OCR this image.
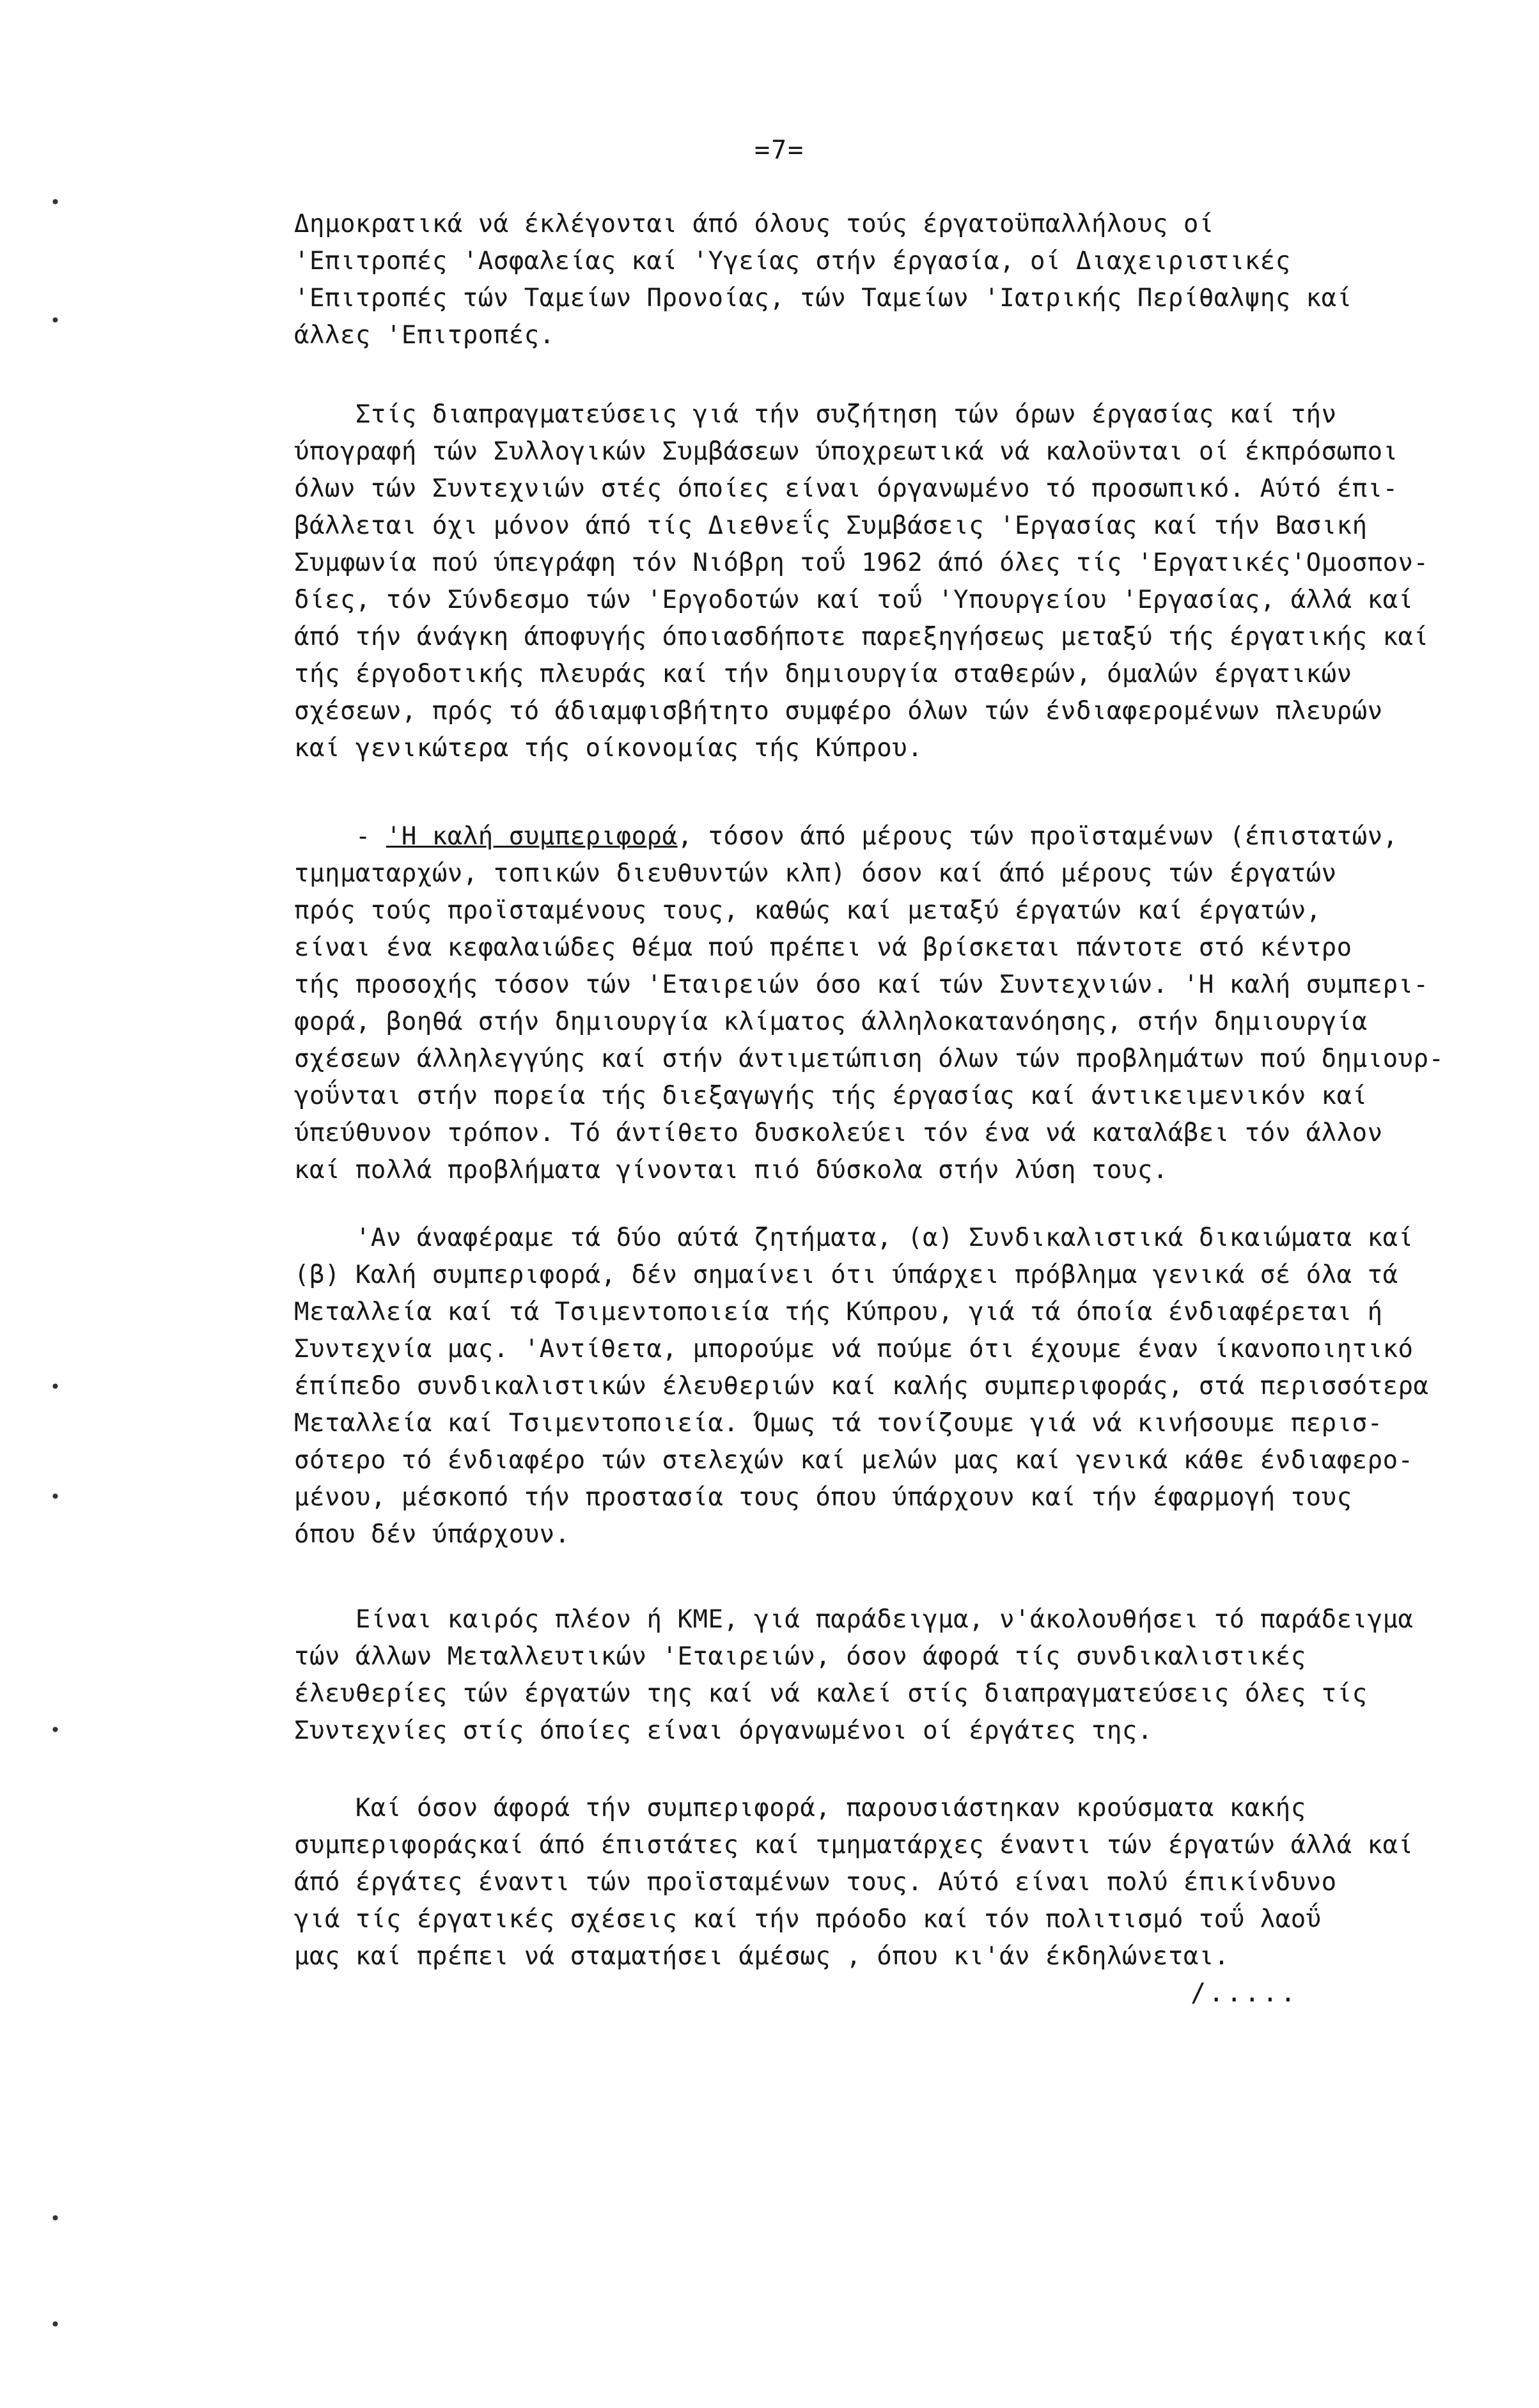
=7=
Δημοκρατικά νά έκλέγονται άπό όλους τούς έργατοϋπαλλήλους οί
'Επιτροπές 'Ασφαλείας καί 'Υγείας στήν έργασία, οί Διαχειριστικές
'Επιτροπές τών Ταμείων Προνοίας, τών Ταμείων 'Ιατρικής Περίθαλψης καί
άλλες 'Επιτροπές.
Στίς διαπραγματεύσεις γιά τήν συζήτηση τών όρων έργασίας καί τήν
ύπογραφή τών Συλλογικών Συμβάσεων ύποχρεωτικά νά καλοϋνται οί έκπρόσωποι
όλων τών Συντεχνιών στές όποίες είναι όργανωμένο τό προσωπικό. Αύτό έπι-
βάλλεται όχι μόνον άπό τίς Διεθνεΐς Συμβάσεις 'Εργασίας καί τήν Βασική
Συμφωνία πού ύπεγράφη τόν Νιόβρη τοΰ 1962 άπό όλες τίς 'Εργατικές'Ομοσπον-
δίες, τόν Σύνδεσμο τών 'Εργοδοτών καί τοΰ 'Υπουργείου 'Εργασίας, άλλά καί
άπό τήν άνάγκη άποφυγής όποιασδήποτε παρεξηγήσεως μεταξύ τής έργατικής καί
τής έργοδοτικής πλευράς καί τήν δημιουργία σταθερών, όμαλών έργατικών
σχέσεων, πρός τό άδιαμφισβήτητο συμφέρο όλων τών ένδιαφερομένων πλευρών
καί γενικώτερα τής οίκονομίας τής Κύπρου.
- 'Η καλή συμπεριφορά, τόσον άπό μέρους τών προϊσταμένων (έπιστατών,
τμηματαρχών, τοπικών διευθυντών κλπ) όσον καί άπό μέρους τών έργατών
πρός τούς προϊσταμένους τους, καθώς καί μεταξύ έργατών καί έργατών,
είναι ένα κεφαλαιώδες θέμα πού πρέπει νά βρίσκεται πάντοτε στό κέντρο
τής προσοχής τόσον τών 'Εταιρειών όσο καί τών Συντεχνιών. 'Η καλή συμπερι-
φορά, βοηθά στήν δημιουργία κλίματος άλληλοκατανόησης, στήν δημιουργία
σχέσεων άλληλεγγύης καί στήν άντιμετώπιση όλων τών προβλημάτων πού δημιουρ-
γοΰνται στήν πορεία τής διεξαγωγής τής έργασίας καί άντικειμενικόν καί
ύπεύθυνον τρόπον. Τό άντίθετο δυσκολεύει τόν ένα νά καταλάβει τόν άλλον
καί πολλά προβλήματα γίνονται πιό δύσκολα στήν λύση τους.
'Αν άναφέραμε τά δύο αύτά ζητήματα, (α) Συνδικαλιστικά δικαιώματα καί
(β) Καλή συμπεριφορά, δέν σημαίνει ότι ύπάρχει πρόβλημα γενικά σέ όλα τά
Μεταλλεία καί τά Τσιμεντοποιεία τής Κύπρου, γιά τά όποία ένδιαφέρεται ή
Συντεχνία μας. 'Αντίθετα, μπορούμε νά πούμε ότι έχουμε έναν ίκανοποιητικό
έπίπεδο συνδικαλιστικών έλευθεριών καί καλής συμπεριφοράς, στά περισσότερα
Μεταλλεία καί Τσιμεντοποιεία. Όμως τά τονίζουμε γιά νά κινήσουμε περισ-
σότερο τό ένδιαφέρο τών στελεχών καί μελών μας καί γενικά κάθε ένδιαφερο-
μένου, μέσκοπό τήν προστασία τους όπου ύπάρχουν καί τήν έφαρμογή τους
όπου δέν ύπάρχουν.
Είναι καιρός πλέον ή ΚΜΕ, γιά παράδειγμα, ν'άκολουθήσει τό παράδειγμα
τών άλλων Μεταλλευτικών 'Εταιρειών, όσον άφορά τίς συνδικαλιστικές
έλευθερίες τών έργατών της καί νά καλεί στίς διαπραγματεύσεις όλες τίς
Συντεχνίες στίς όποίες είναι όργανωμένοι οί έργάτες της.
Καί όσον άφορά τήν συμπεριφορά, παρουσιάστηκαν κρούσματα κακής
συμπεριφοράςκαί άπό έπιστάτες καί τμηματάρχες έναντι τών έργατών άλλά καί
άπό έργάτες έναντι τών προϊσταμένων τους. Αύτό είναι πολύ έπικίνδυνο
γιά τίς έργατικές σχέσεις καί τήν πρόοδο καί τόν πολιτισμό τοΰ λαοΰ
μας καί πρέπει νά σταματήσει άμέσως , όπου κι'άν έκδηλώνεται.
/.....
•
•
•
•
•
•
•
